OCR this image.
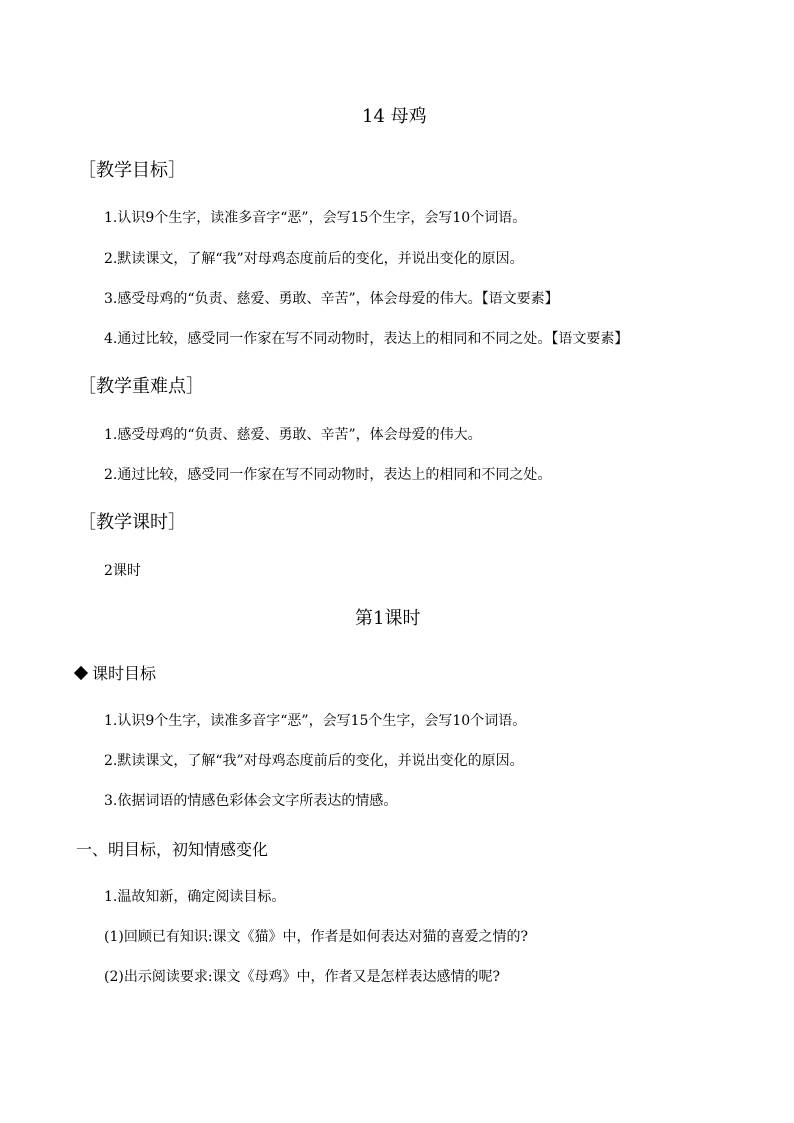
14 母鸡
［教学目标］
1.认识9个生字，读准多音字“恶”，会写15个生字，会写10个词语。
2.默读课文，了解“我”对母鸡态度前后的变化，并说出变化的原因。
3.感受母鸡的“负责、慈爱、勇敢、辛苦”，体会母爱的伟大。【语文要素】
4.通过比较，感受同一作家在写不同动物时，表达上的相同和不同之处。【语文要素】
［教学重难点］
1.感受母鸡的“负责、慈爱、勇敢、辛苦”，体会母爱的伟大。
2.通过比较，感受同一作家在写不同动物时，表达上的相同和不同之处。
［教学课时］
2课时
第1课时
课时目标
1.认识9个生字，读准多音字“恶”，会写15个生字，会写10个词语。
2.默读课文，了解“我”对母鸡态度前后的变化，并说出变化的原因。
3.依据词语的情感色彩体会文字所表达的情感。
一、明目标，初知情感变化
1.温故知新，确定阅读目标。
(1)回顾已有知识:课文《猫》中，作者是如何表达对猫的喜爱之情的?
(2)出示阅读要求:课文《母鸡》中，作者又是怎样表达感情的呢?
